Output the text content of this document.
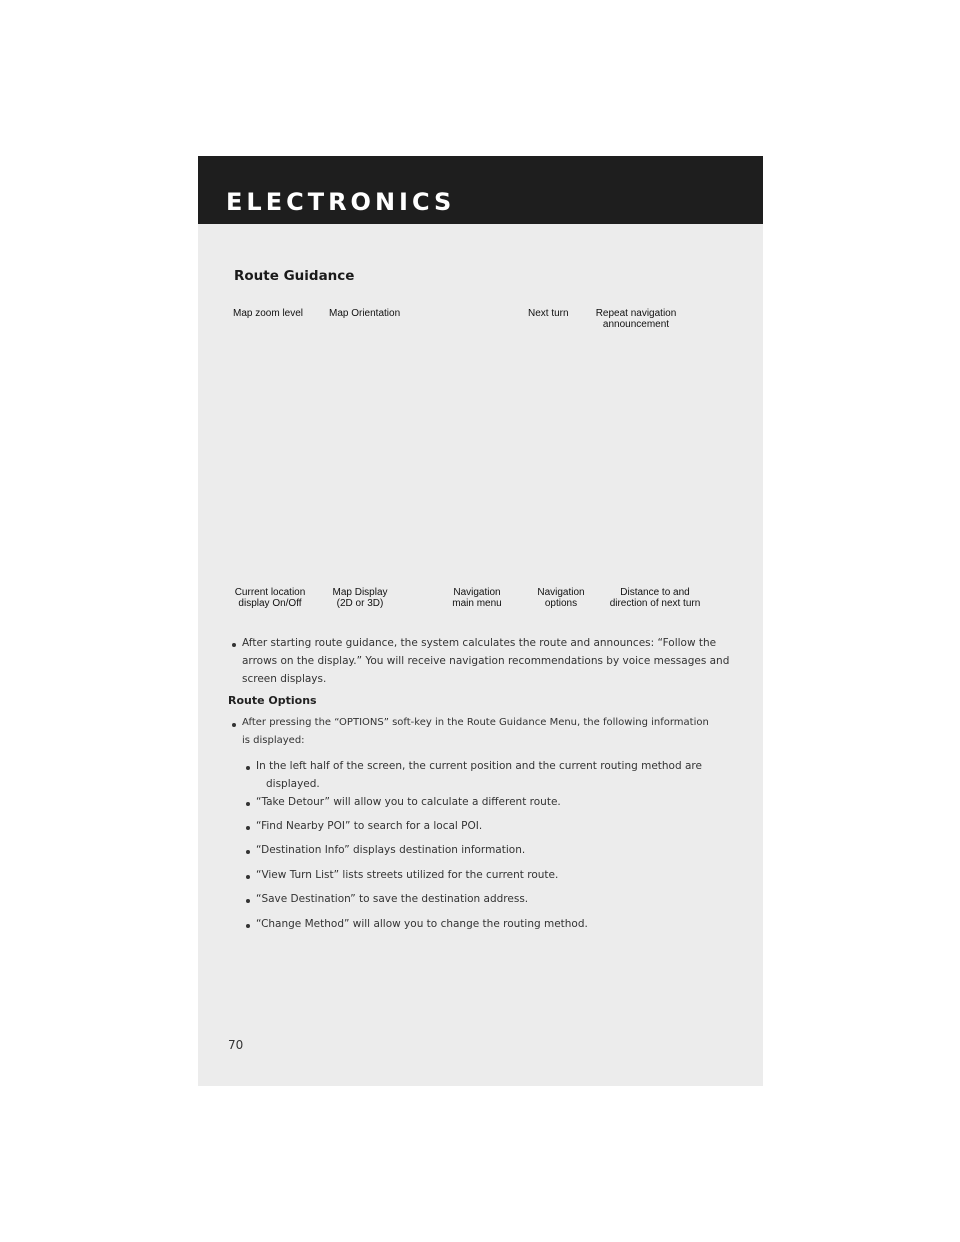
ELECTRONICS
Route Guidance
Map zoom level	Map Orientation	Next turn	Repeat navigation
announcement
Current location
display On/Off
Map Display
(2D or 3D)
Navigation
main menu
Navigation
options
Distance to and
direction of next turn
After starting route guidance, the system calculates the route and announces: “Follow the
arrows on the display.” You will receive navigation recommendations by voice messages and
screen displays.
Route Options
After pressing the “OPTIONS” soft-key in the Route Guidance Menu, the following information
is displayed:
In the left half of the screen, the current position and the current routing method are
displayed.
“Take Detour” will allow you to calculate a different route.
“Find Nearby POI” to search for a local POI.
“Destination Info” displays destination information.
“View Turn List” lists streets utilized for the current route.
“Save Destination” to save the destination address.
“Change Method” will allow you to change the routing method.
70
